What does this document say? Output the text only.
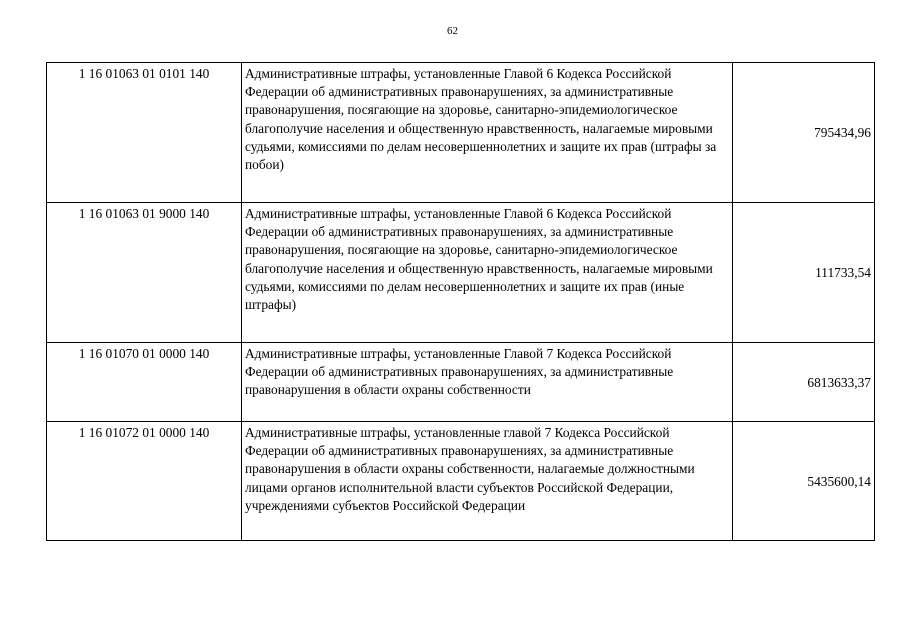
62
1 16 01063 01 0101 140	Административные штрафы, установленные Главой 6 Кодекса Российской Федерации об административных правонарушениях, за административные правонарушения, посягающие на здоровье, санитарно-эпидемиологическое благополучие населения и общественную нравственность, налагаемые мировыми судьями, комиссиями по делам несовершеннолетних и защите их прав (штрафы за побои)	795434,96
1 16 01063 01 9000 140	Административные штрафы, установленные Главой 6 Кодекса Российской Федерации об административных правонарушениях, за административные правонарушения, посягающие на здоровье, санитарно-эпидемиологическое благополучие населения и общественную нравственность, налагаемые мировыми судьями, комиссиями по делам несовершеннолетних и защите их прав (иные штрафы)	111733,54
1 16 01070 01 0000 140	Административные штрафы, установленные Главой 7 Кодекса Российской Федерации об административных правонарушениях, за административные правонарушения в области охраны собственности	6813633,37
1 16 01072 01 0000 140	Административные штрафы, установленные главой 7 Кодекса Российской Федерации об административных правонарушениях, за административные правонарушения в области охраны собственности, налагаемые должностными лицами органов исполнительной власти субъектов Российской Федерации, учреждениями субъектов Российской Федерации	5435600,14
